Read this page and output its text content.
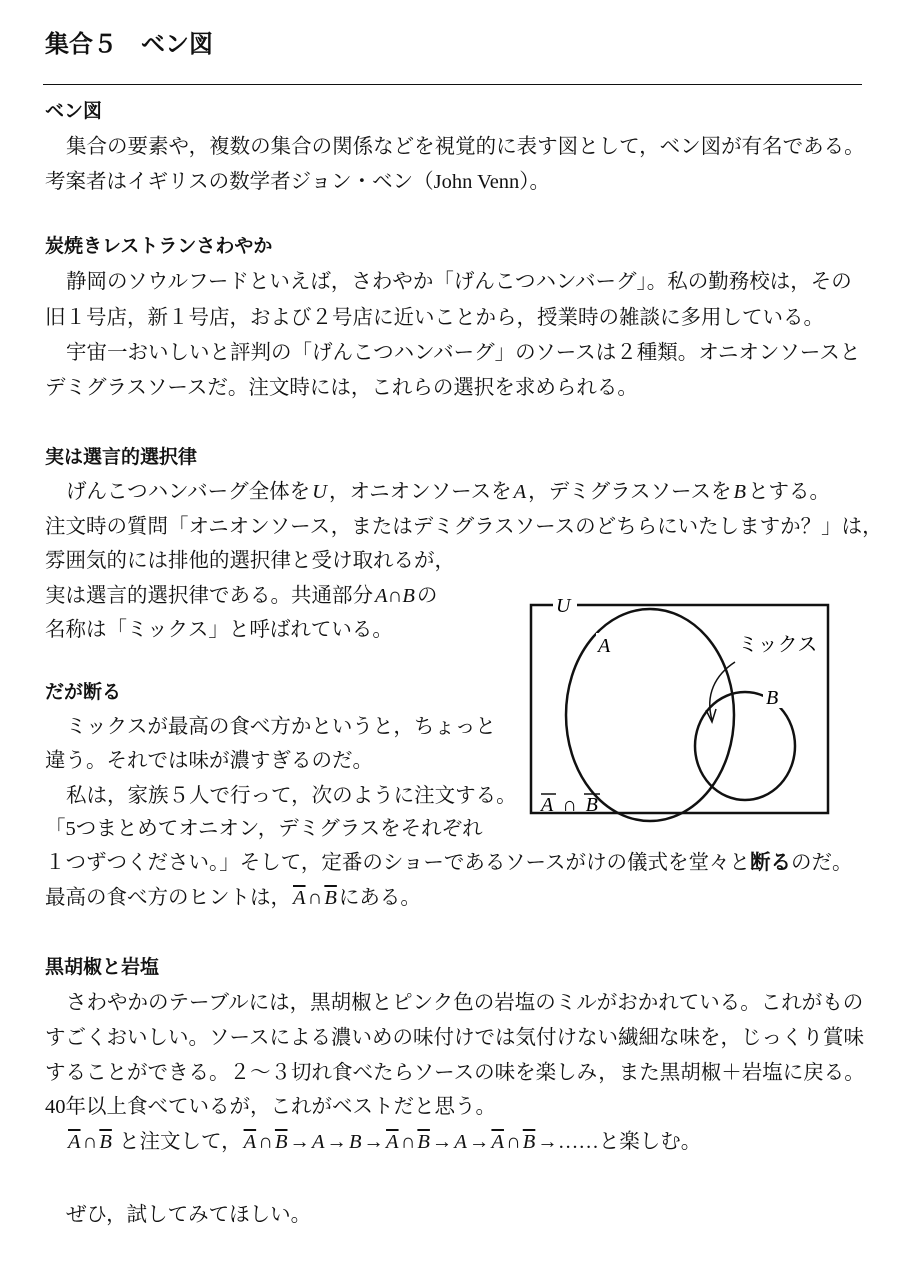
集合５　ベン図
ベン図
集合の要素や，複数の集合の関係などを視覚的に表す図として，ベン図が有名である。
考案者はイギリスの数学者ジョン・ベン（John Venn）。
炭焼きレストランさわやか
静岡のソウルフードといえば，さわやか「げんこつハンバーグ」。私の勤務校は，その
旧１号店，新１号店，および２号店に近いことから，授業時の雑談に多用している。
宇宙一おいしいと評判の「げんこつハンバーグ」のソースは２種類。オニオンソースと
デミグラスソースだ。注文時には，これらの選択を求められる。
実は選言的選択律
げんこつハンバーグ全体をU，オニオンソースをA，デミグラスソースをBとする。
注文時の質問「オニオンソース，またはデミグラスソースのどちらにいたしますか？」は，
雰囲気的には排他的選択律と受け取れるが，
実は選言的選択律である。共通部分A∩Bの
名称は「ミックス」と呼ばれている。
だが断る
ミックスが最高の食べ方かというと，ちょっと
違う。それでは味が濃すぎるのだ。
私は，家族５人で行って，次のように注文する。
「5つまとめてオニオン，デミグラスをそれぞれ
１つずつください。」そして，定番のショーであるソースがけの儀式を堂々と断るのだ。
最高の食べ方のヒントは，$\overline{A}\cap\overline{B}$にある。
黒胡椒と岩塩
さわやかのテーブルには，黒胡椒とピンク色の岩塩のミルがおかれている。これがもの
すごくおいしい。ソースによる濃いめの味付けでは気付けない繊細な味を，じっくり賞味
することができる。２〜３切れ食べたらソースの味を楽しみ，また黒胡椒＋岩塩に戻る。
40年以上食べているが，これがベストだと思う。
$\overline{A}\cap\overline{B}$ と注文して，$\overline{A}\cap\overline{B}\to A\to B\to\overline{A}\cap\overline{B}\to A\to\overline{A}\cap\overline{B}\to\dots\dots$と楽しむ。
ぜひ，試してみてほしい。
U
A
B
ミックス
A ∩ B
